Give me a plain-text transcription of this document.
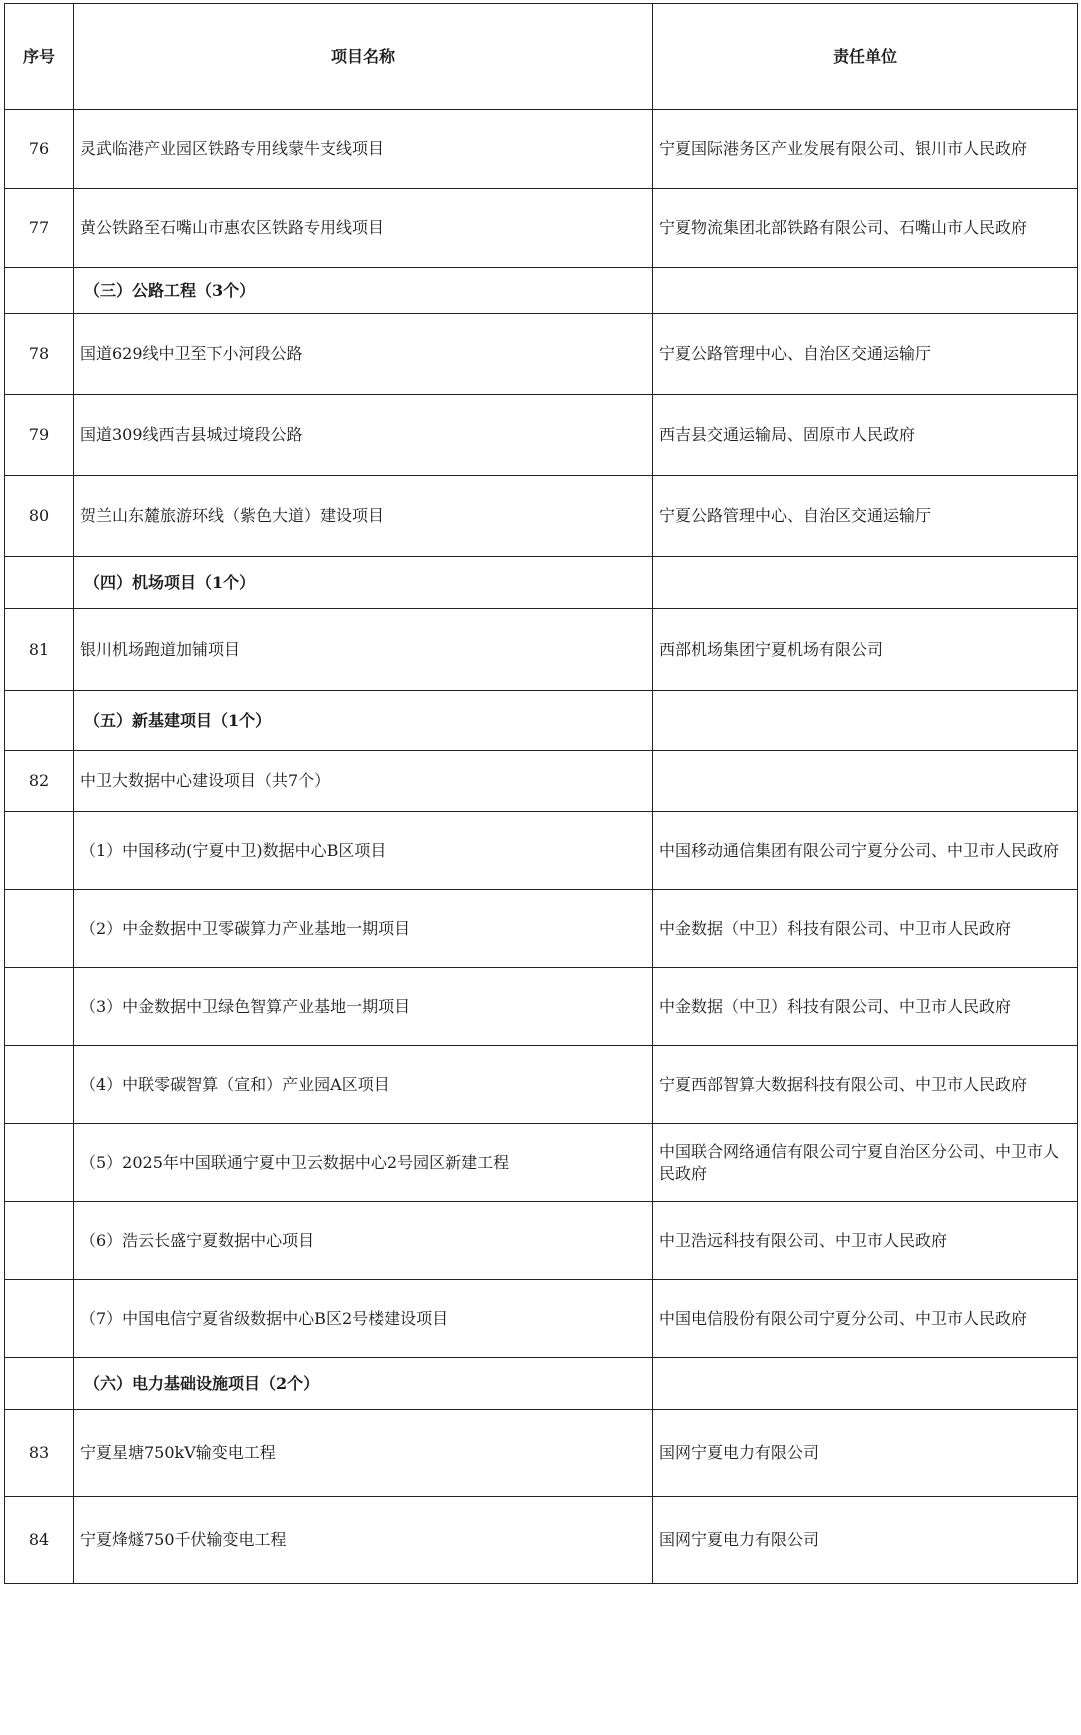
序号	项目名称	责任单位
76	灵武临港产业园区铁路专用线蒙牛支线项目	宁夏国际港务区产业发展有限公司、银川市人民政府
77	黄公铁路至石嘴山市惠农区铁路专用线项目	宁夏物流集团北部铁路有限公司、石嘴山市人民政府
	（三）公路工程（3个）	
78	国道629线中卫至下小河段公路	宁夏公路管理中心、自治区交通运输厅
79	国道309线西吉县城过境段公路	西吉县交通运输局、固原市人民政府
80	贺兰山东麓旅游环线（紫色大道）建设项目	宁夏公路管理中心、自治区交通运输厅
	（四）机场项目（1个）	
81	银川机场跑道加铺项目	西部机场集团宁夏机场有限公司
	（五）新基建项目（1个）	
82	中卫大数据中心建设项目（共7个）	
	（1）中国移动(宁夏中卫)数据中心B区项目	中国移动通信集团有限公司宁夏分公司、中卫市人民政府
	（2）中金数据中卫零碳算力产业基地一期项目	中金数据（中卫）科技有限公司、中卫市人民政府
	（3）中金数据中卫绿色智算产业基地一期项目	中金数据（中卫）科技有限公司、中卫市人民政府
	（4）中联零碳智算（宣和）产业园A区项目	宁夏西部智算大数据科技有限公司、中卫市人民政府
	（5）2025年中国联通宁夏中卫云数据中心2号园区新建工程	中国联合网络通信有限公司宁夏自治区分公司、中卫市人民政府
	（6）浩云长盛宁夏数据中心项目	中卫浩远科技有限公司、中卫市人民政府
	（7）中国电信宁夏省级数据中心B区2号楼建设项目	中国电信股份有限公司宁夏分公司、中卫市人民政府
	（六）电力基础设施项目（2个）	
83	宁夏星塘750kV输变电工程	国网宁夏电力有限公司
84	宁夏烽燧750千伏输变电工程	国网宁夏电力有限公司
